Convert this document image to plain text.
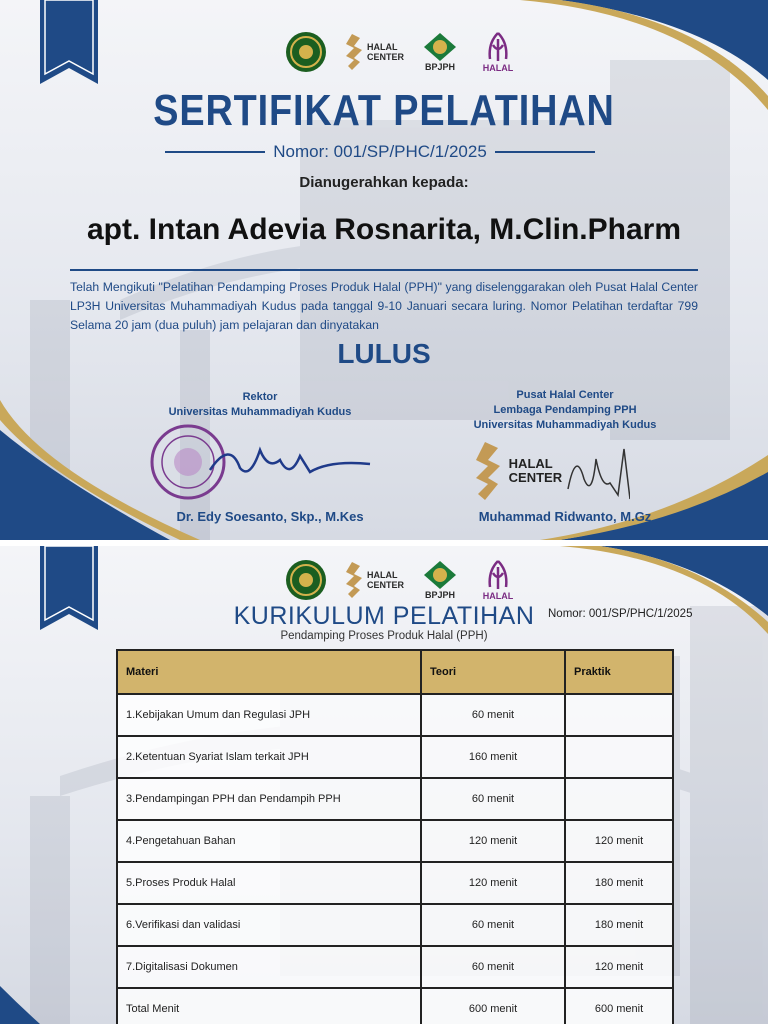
HALAL
CENTER
BPJPH	HALAL
SERTIFIKAT PELATIHAN
Nomor: 001/SP/PHC/1/2025
Dianugerahkan kepada:
apt. Intan Adevia Rosnarita, M.Clin.Pharm
Telah Mengikuti "Pelatihan Pendamping Proses Produk Halal (PPH)" yang diselenggarakan oleh Pusat Halal Center LP3H Universitas Muhammadiyah Kudus pada tanggal 9-10 Januari secara luring. Nomor Pelatihan terdaftar 799 Selama 20 jam (dua puluh) jam pelajaran dan dinyatakan
LULUS
Rektor
Universitas Muhammadiyah Kudus
Dr. Edy Soesanto, Skp., M.Kes
Pusat Halal Center
Lembaga Pendamping PPH
Universitas Muhammadiyah Kudus
HALAL
CENTER
Muhammad Ridwanto, M.Gz
HALAL
CENTER
BPJPH	HALAL
KURIKULUM PELATIHAN
Pendamping Proses Produk Halal (PPH)
Nomor: 001/SP/PHC/1/2025
Materi	Teori	Praktik
1.Kebijakan Umum dan Regulasi JPH	60 menit	
2.Ketentuan Syariat Islam terkait JPH	160 menit	
3.Pendampingan PPH dan Pendampih PPH	60 menit	
4.Pengetahuan Bahan	120 menit	120 menit
5.Proses Produk Halal	120 menit	180 menit
6.Verifikasi dan validasi	60 menit	180 menit
7.Digitalisasi Dokumen	60 menit	120 menit
Total Menit	600 menit	600 menit
